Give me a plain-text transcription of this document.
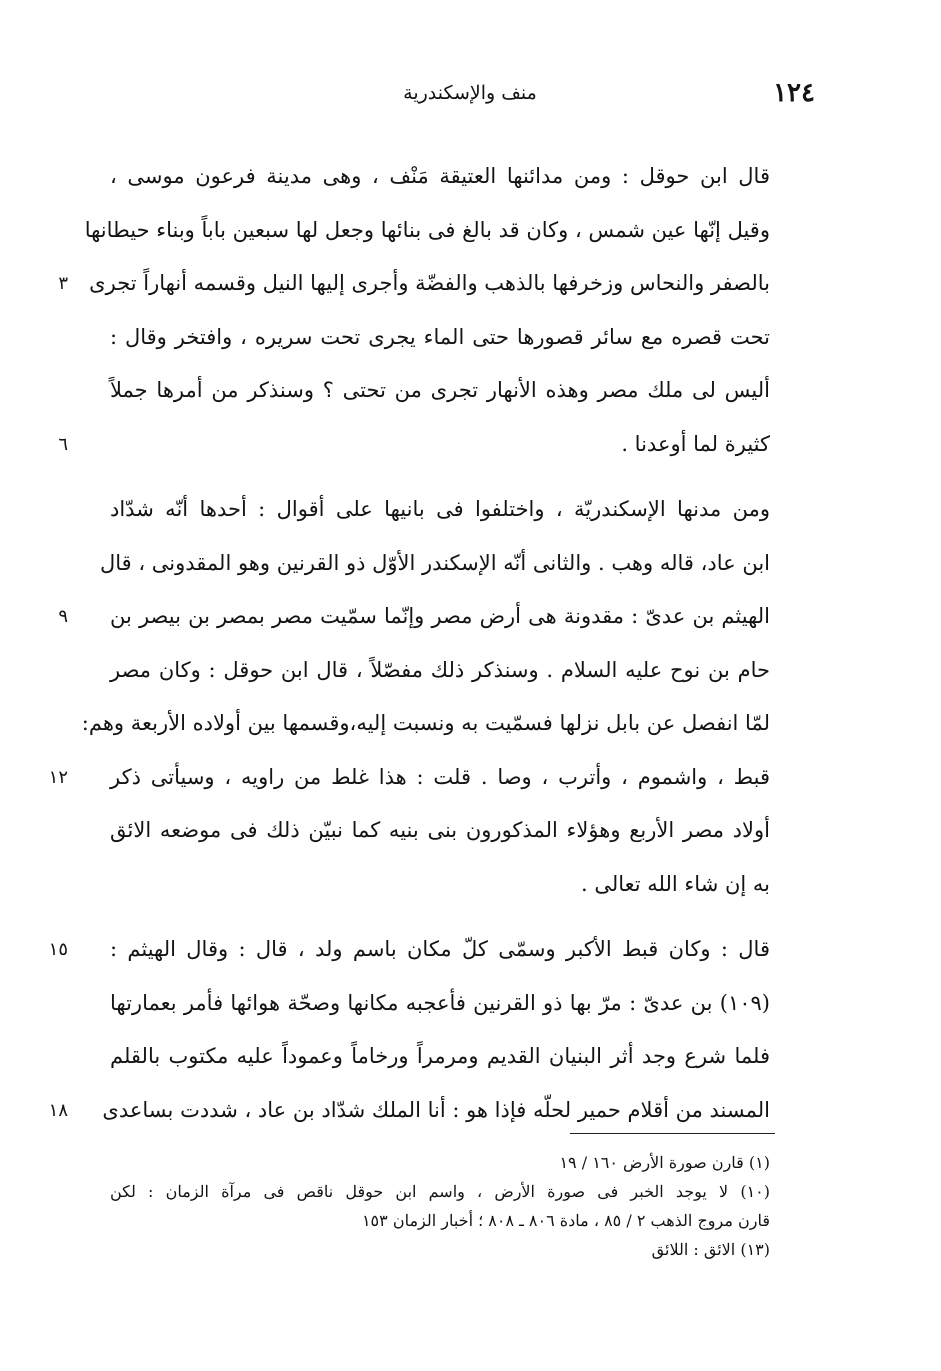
١٢٤
منف والإسكندرية
قال ابن حوقل : ومن مدائنها العتيقة مَنْف ، وهى مدينة فرعون موسى ،
وقيل إنّها عين شمس ، وكان قد بالغ فى بنائها وجعل لها سبعين باباً وبناء حيطانها
٣ بالصفر والنحاس وزخرفها بالذهب والفضّة وأجرى إليها النيل وقسمه أنهاراً تجرى
تحت قصره مع سائر قصورها حتى الماء يجرى تحت سريره ، وافتخر وقال :
أليس لى ملك مصر وهذه الأنهار تجرى من تحتى ؟ وسنذكر من أمرها جملاً
٦	كثيرة لما أوعدنا .
ومن مدنها الإسكندريّة ، واختلفوا فى بانيها على أقوال : أحدها أنّه شدّاد
ابن عاد، قاله وهب . والثانى أنّه الإسكندر الأوّل ذو القرنين وهو المقدونى ، قال
٩ الهيثم بن عدىّ : مقدونة هى أرض مصر وإنّما سمّيت مصر بمصر بن بيصر بن
حام بن نوح عليه السلام . وسنذكر ذلك مفصّلاً ، قال ابن حوقل : وكان مصر
لمّا انفصل عن بابل نزلها فسمّيت به ونسبت إليه،وقسمها بين أولاده الأربعة وهم:
١٢ قبط ، واشموم ، وأترب ، وصا . قلت : هذا غلط من راويه ، وسيأتى ذكر
أولاد مصر الأربع وهؤلاء المذكورون بنى بنيه كما نبيّن ذلك فى موضعه الائق
به إن شاء الله تعالى .
١٥ قال : وكان قبط الأكبر وسمّى كلّ مكان باسم ولد ، قال : وقال الهيثم :
(١٠٩) بن عدىّ : مرّ بها ذو القرنين فأعجبه مكانها وصحّة هوائها فأمر بعمارتها
فلما شرع وجد أثر البنيان القديم ومرمراً ورخاماً وعموداً عليه مكتوب بالقلم
١٨ المسند من أقلام حمير لحلّه فإذا هو : أنا الملك شدّاد بن عاد ، شددت بساعدى
(١) قارن صورة الأرض ١٦٠ / ١٩
(١٠) لا يوجد الخبر فى صورة الأرض ، واسم ابن حوقل ناقص فى مرآة الزمان : لكن
قارن مروج الذهب ٢ / ٨٥ ، مادة ٨٠٦ ـ ٨٠٨ ؛ أخبار الزمان ١٥٣
(١٣) الائق : اللائق
